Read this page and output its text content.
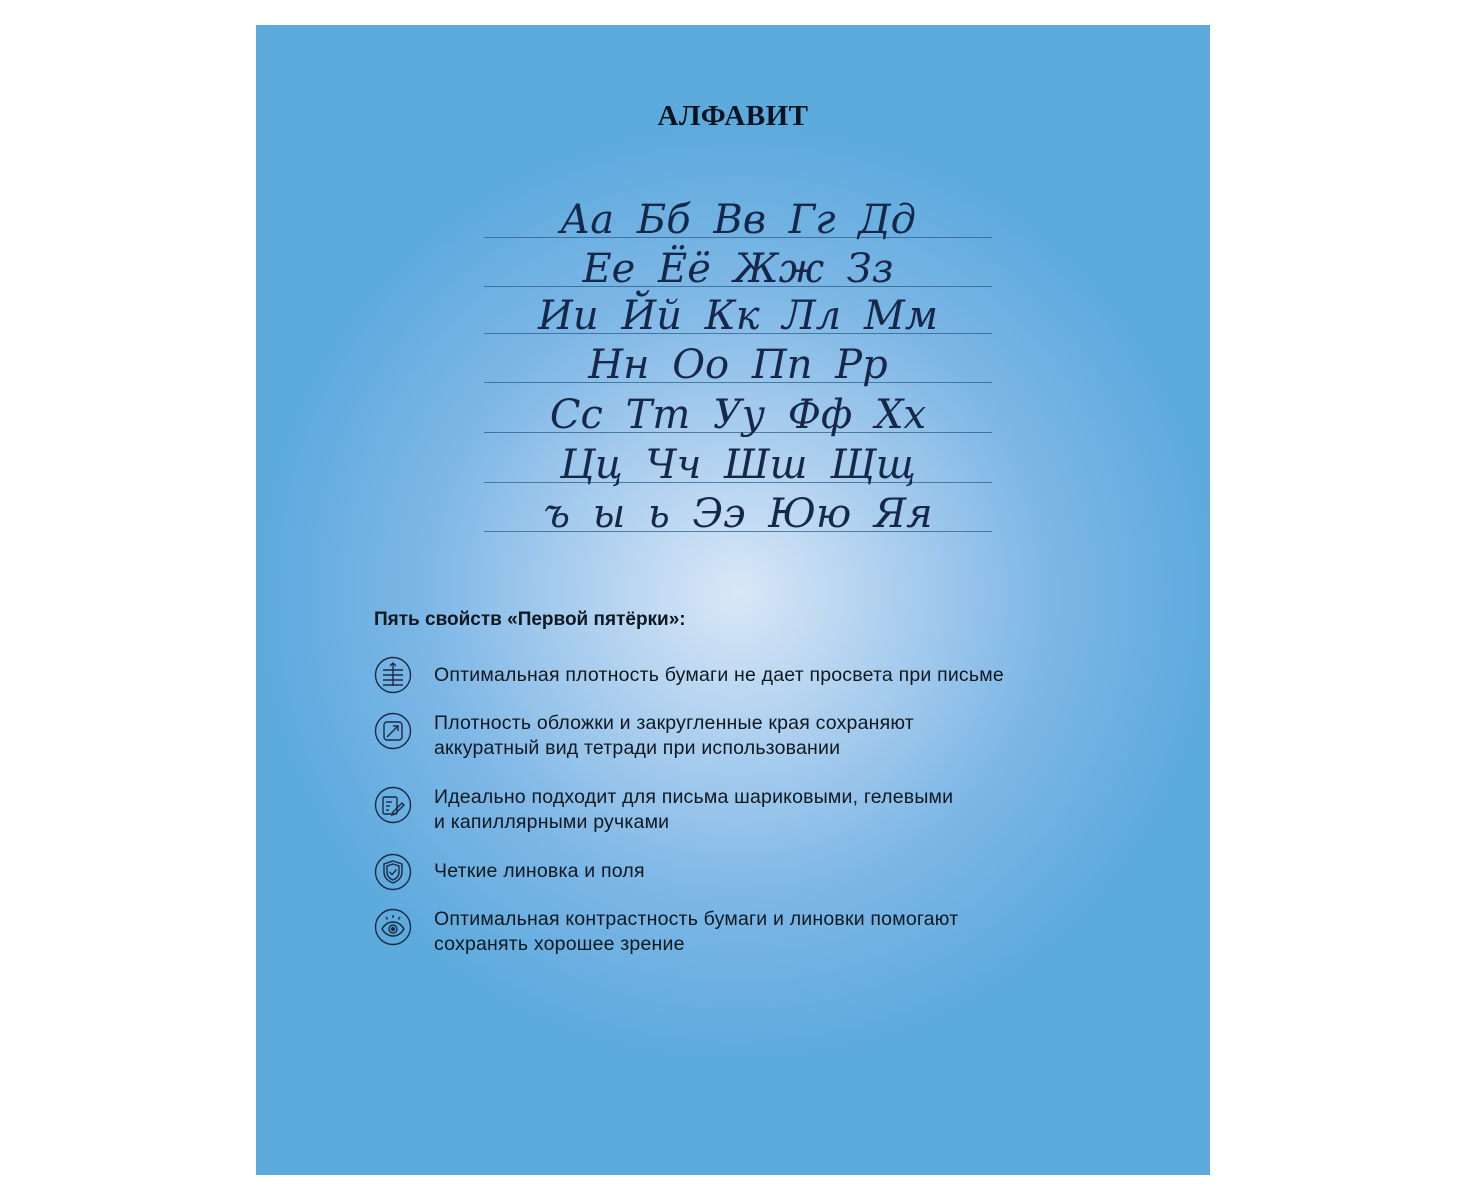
АЛФАВИТ
Аа Бб Вв Гг Дд
Ее Ёё Жж Зз
Ии Йй Кк Лл Мм
Нн Оо Пп Рр
Сс Тт Уу Фф Хх
Цц Чч Шш Щщ
ъ ы ь Ээ Юю Яя
Пять свойств «Первой пятёрки»:
Оптимальная плотность бумаги не дает просвета при письме
Плотность обложки и закругленные края сохраняют
аккуратный вид тетради при использовании
Идеально подходит для письма шариковыми, гелевыми
и капиллярными ручками
Четкие линовка и поля
Оптимальная контрастность бумаги и линовки помогают
сохранять хорошее зрение
